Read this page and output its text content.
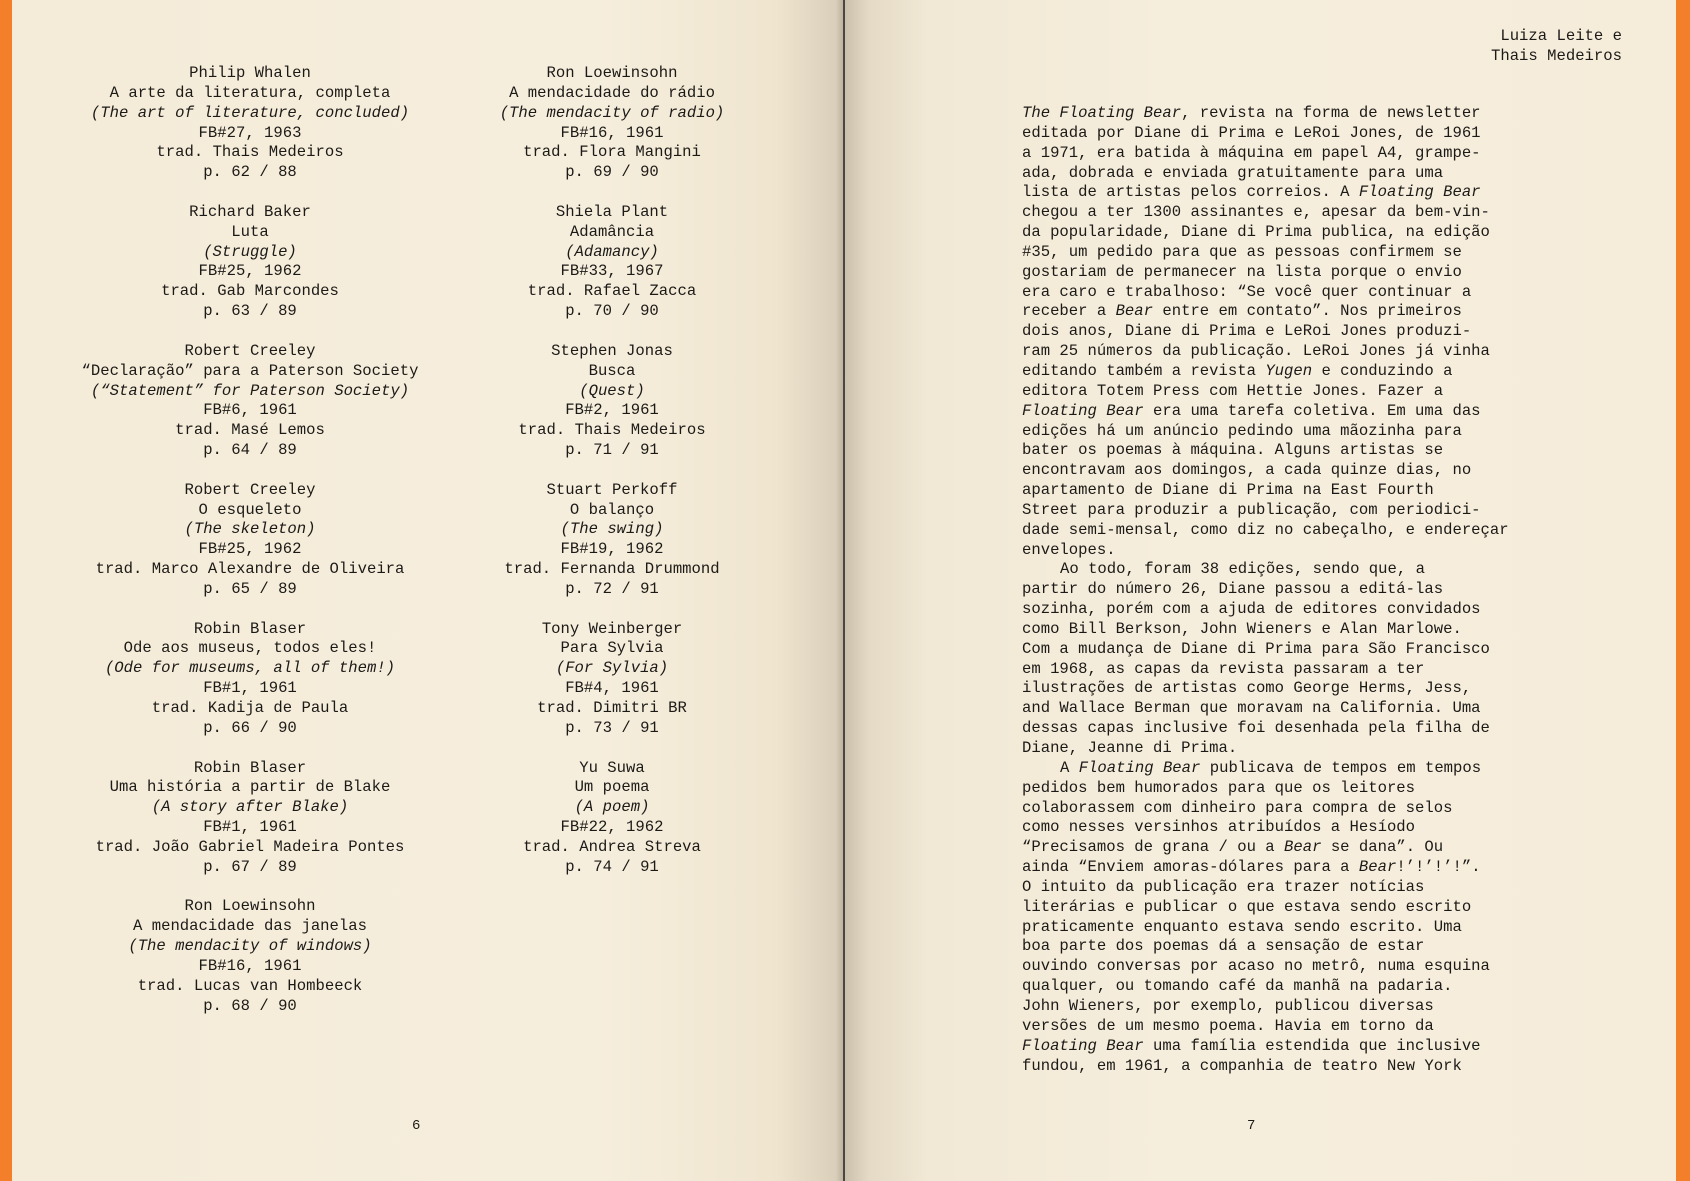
Philip Whalen
A arte da literatura, completa
(The art of literature, concluded)
FB#27, 1963
trad. Thais Medeiros
p. 62 / 88
Richard Baker
Luta
(Struggle)
FB#25, 1962
trad. Gab Marcondes
p. 63 / 89
Robert Creeley
“Declaração” para a Paterson Society
(“Statement” for Paterson Society)
FB#6, 1961
trad. Masé Lemos
p. 64 / 89
Robert Creeley
O esqueleto
(The skeleton)
FB#25, 1962
trad. Marco Alexandre de Oliveira
p. 65 / 89
Robin Blaser
Ode aos museus, todos eles!
(Ode for museums, all of them!)
FB#1, 1961
trad. Kadija de Paula
p. 66 / 90
Robin Blaser
Uma história a partir de Blake
(A story after Blake)
FB#1, 1961
trad. João Gabriel Madeira Pontes
p. 67 / 89
Ron Loewinsohn
A mendacidade das janelas
(The mendacity of windows)
FB#16, 1961
trad. Lucas van Hombeeck
p. 68 / 90
Ron Loewinsohn
A mendacidade do rádio
(The mendacity of radio)
FB#16, 1961
trad. Flora Mangini
p. 69 / 90
Shiela Plant
Adamância
(Adamancy)
FB#33, 1967
trad. Rafael Zacca
p. 70 / 90
Stephen Jonas
Busca
(Quest)
FB#2, 1961
trad. Thais Medeiros
p. 71 / 91
Stuart Perkoff
O balanço
(The swing)
FB#19, 1962
trad. Fernanda Drummond
p. 72 / 91
Tony Weinberger
Para Sylvia
(For Sylvia)
FB#4, 1961
trad. Dimitri BR
p. 73 / 91
Yu Suwa
Um poema
(A poem)
FB#22, 1962
trad. Andrea Streva
p. 74 / 91
6	7
Luiza Leite e
Thais Medeiros
The Floating Bear, revista na forma de newsletter
editada por Diane di Prima e LeRoi Jones, de 1961
a 1971, era batida à máquina em papel A4, grampe-
ada, dobrada e enviada gratuitamente para uma
lista de artistas pelos correios. A Floating Bear
chegou a ter 1300 assinantes e, apesar da bem-vin-
da popularidade, Diane di Prima publica, na edição
#35, um pedido para que as pessoas confirmem se
gostariam de permanecer na lista porque o envio
era caro e trabalhoso: “Se você quer continuar a
receber a Bear entre em contato”. Nos primeiros
dois anos, Diane di Prima e LeRoi Jones produzi-
ram 25 números da publicação. LeRoi Jones já vinha
editando também a revista Yugen e conduzindo a
editora Totem Press com Hettie Jones. Fazer a
Floating Bear era uma tarefa coletiva. Em uma das
edições há um anúncio pedindo uma mãozinha para
bater os poemas à máquina. Alguns artistas se
encontravam aos domingos, a cada quinze dias, no
apartamento de Diane di Prima na East Fourth
Street para produzir a publicação, com periodici-
dade semi-mensal, como diz no cabeçalho, e endereçar
envelopes.
Ao todo, foram 38 edições, sendo que, a
partir do número 26, Diane passou a editá-las
sozinha, porém com a ajuda de editores convidados
como Bill Berkson, John Wieners e Alan Marlowe.
Com a mudança de Diane di Prima para São Francisco
em 1968, as capas da revista passaram a ter
ilustrações de artistas como George Herms, Jess,
and Wallace Berman que moravam na California. Uma
dessas capas inclusive foi desenhada pela filha de
Diane, Jeanne di Prima.
A Floating Bear publicava de tempos em tempos
pedidos bem humorados para que os leitores
colaborassem com dinheiro para compra de selos
como nesses versinhos atribuídos a Hesíodo
“Precisamos de grana / ou a Bear se dana”. Ou
ainda “Enviem amoras-dólares para a Bear!’!’!’!”.
O intuito da publicação era trazer notícias
literárias e publicar o que estava sendo escrito
praticamente enquanto estava sendo escrito. Uma
boa parte dos poemas dá a sensação de estar
ouvindo conversas por acaso no metrô, numa esquina
qualquer, ou tomando café da manhã na padaria.
John Wieners, por exemplo, publicou diversas
versões de um mesmo poema. Havia em torno da
Floating Bear uma família estendida que inclusive
fundou, em 1961, a companhia de teatro New York
